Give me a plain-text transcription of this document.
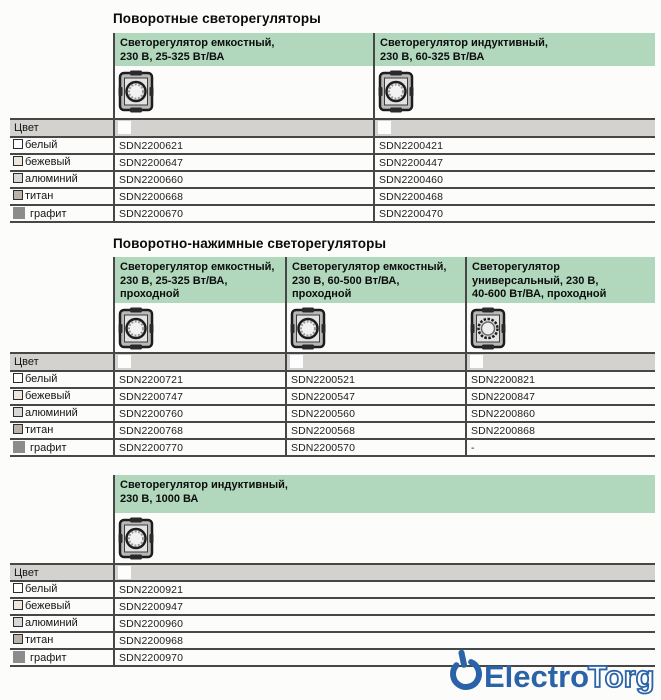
Поворотные светорегуляторы
Светорегулятор емкостный,
230 В, 25-325 Вт/ВА
Светорегулятор индуктивный,
230 В, 60-325 Вт/ВА
Цвет
белый	SDN2200621	SDN2200421
бежевый	SDN2200647	SDN2200447
алюминий	SDN2200660	SDN2200460
титан	SDN2200668	SDN2200468
графит	SDN2200670	SDN2200470
Поворотно-нажимные светорегуляторы
Светорегулятор емкостный,
230 В, 25-325 Вт/ВА,
проходной
Светорегулятор емкостный,
230 В, 60-500 Вт/ВА,
проходной
Светорегулятор
универсальный, 230 В,
40-600 Вт/ВА, проходной
Цвет
белый	SDN2200721	SDN2200521	SDN2200821
бежевый	SDN2200747	SDN2200547	SDN2200847
алюминий	SDN2200760	SDN2200560	SDN2200860
титан	SDN2200768	SDN2200568	SDN2200868
графит	SDN2200770	SDN2200570	-
Светорегулятор индуктивный,
230 В, 1000 ВА
Цвет
белый	SDN2200921
бежевый	SDN2200947
алюминий	SDN2200960
титан	SDN2200968
графит	SDN2200970
Electro
Torg
